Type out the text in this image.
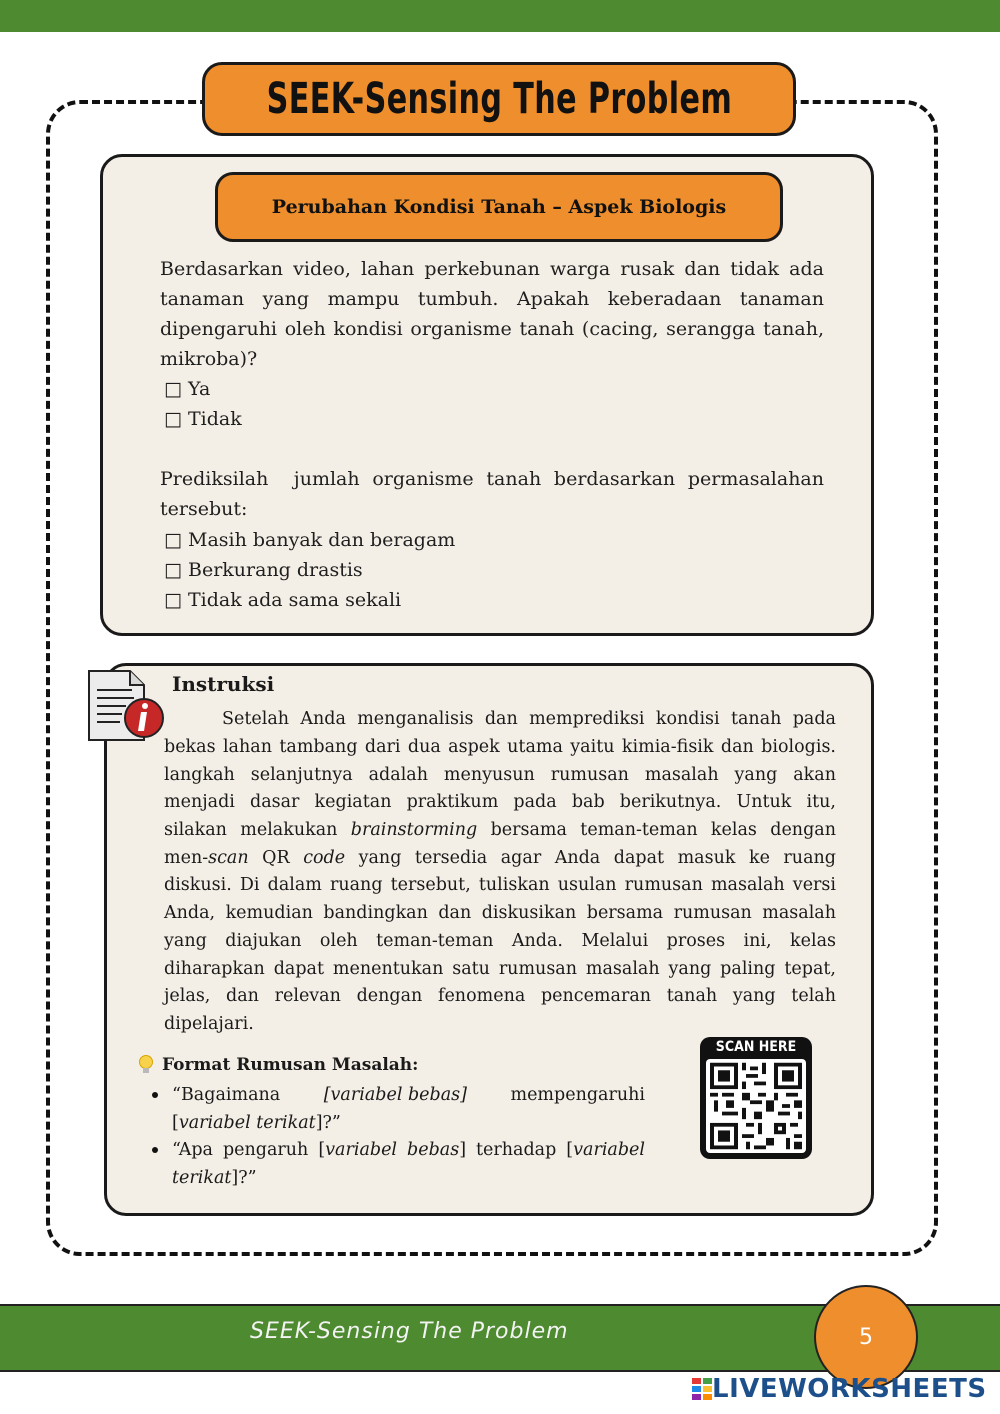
SEEK-Sensing The Problem
Perubahan Kondisi Tanah – Aspek Biologis
Berdasarkan video, lahan perkebunan warga rusak dan tidak ada
tanaman yang mampu tumbuh. Apakah keberadaan tanaman
dipengaruhi oleh kondisi organisme tanah (cacing, serangga tanah,
mikroba)?
□ Ya
□ Tidak
Prediksilah  jumlah organisme tanah berdasarkan permasalahan
tersebut:
□ Masih banyak dan beragam
□ Berkurang drastis
□ Tidak ada sama sekali
Instruksi
Setelah Anda menganalisis dan memprediksi kondisi tanah pada
bekas lahan tambang dari dua aspek utama yaitu kimia-fisik dan biologis.
langkah selanjutnya adalah menyusun rumusan masalah yang akan
menjadi dasar kegiatan praktikum pada bab berikutnya. Untuk itu,
silakan melakukan brainstorming bersama teman-teman kelas dengan
men-scan QR code yang tersedia agar Anda dapat masuk ke ruang
diskusi. Di dalam ruang tersebut, tuliskan usulan rumusan masalah versi
Anda, kemudian bandingkan dan diskusikan bersama rumusan masalah
yang diajukan oleh teman-teman Anda. Melalui proses ini, kelas
diharapkan dapat menentukan satu rumusan masalah yang paling tepat,
jelas, dan relevan dengan fenomena pencemaran tanah yang telah
dipelajari.
Format Rumusan Masalah:
“Bagaimana [variabel bebas] mempengaruhi
[variabel terikat]?”
“Apa pengaruh [variabel bebas] terhadap [variabel
terikat]?”
SCAN HERE
SEEK-Sensing The Problem	5
LIVEWORKSHEETS
